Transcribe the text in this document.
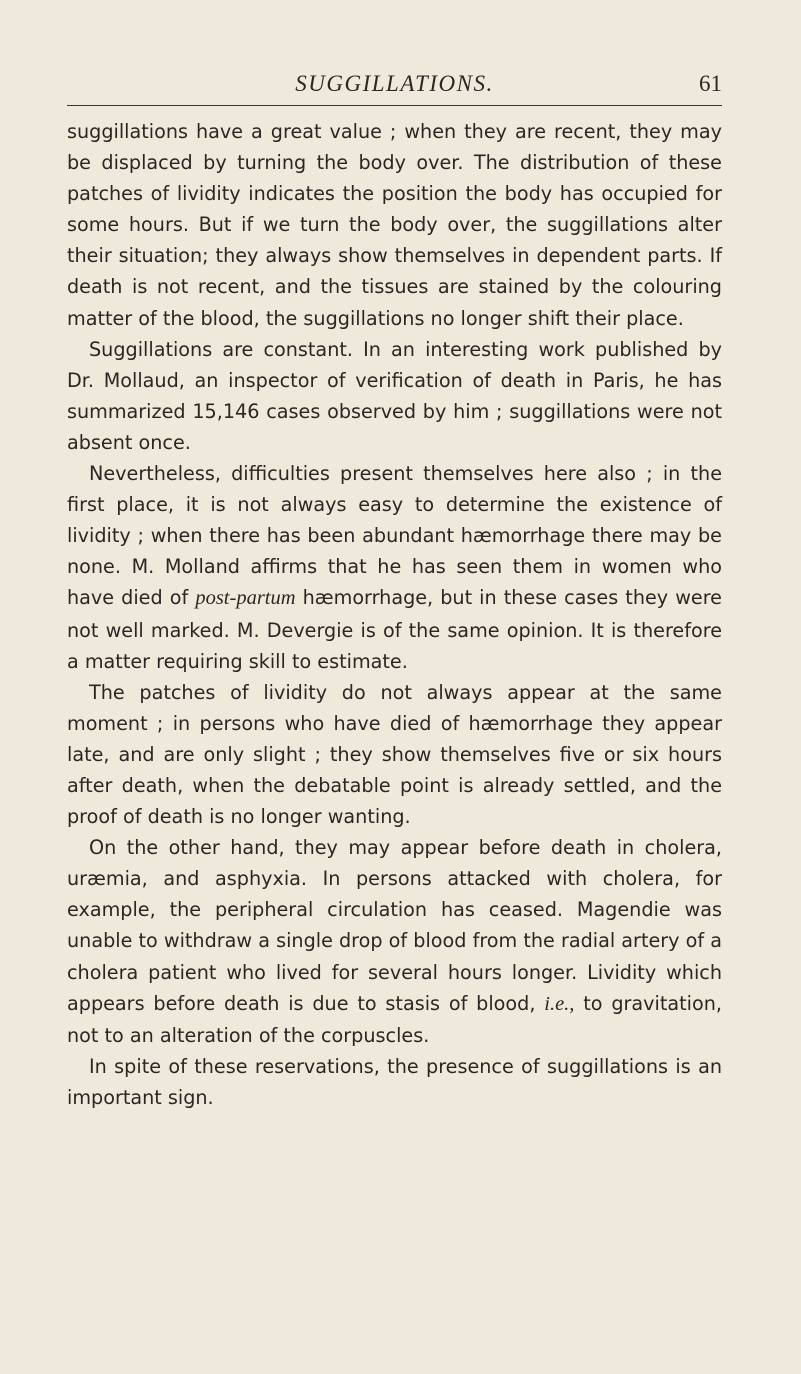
SUGGILLATIONS.	61

suggillations have a great value ; when they are recent, they may be displaced by turning the body over. The distribution of these patches of lividity indicates the position the body has occupied for some hours. But if we turn the body over, the suggillations alter their situation; they always show themselves in dependent parts. If death is not recent, and the tissues are stained by the colouring matter of the blood, the suggillations no longer shift their place.

Suggillations are constant. In an interesting work published by Dr. Mollaud, an inspector of verification of death in Paris, he has summarized 15,146 cases observed by him ; suggillations were not absent once.

Nevertheless, difficulties present themselves here also ; in the first place, it is not always easy to determine the existence of lividity ; when there has been abundant hæmorrhage there may be none. M. Molland affirms that he has seen them in women who have died of post-partum hæmorrhage, but in these cases they were not well marked. M. Devergie is of the same opinion. It is therefore a matter requiring skill to estimate.

The patches of lividity do not always appear at the same moment ; in persons who have died of hæmorrhage they appear late, and are only slight ; they show themselves five or six hours after death, when the debatable point is already settled, and the proof of death is no longer wanting.

On the other hand, they may appear before death in cholera, uræmia, and asphyxia. In persons attacked with cholera, for example, the peripheral circulation has ceased. Magendie was unable to withdraw a single drop of blood from the radial artery of a cholera patient who lived for several hours longer. Lividity which appears before death is due to stasis of blood, i.e., to gravitation, not to an alteration of the corpuscles.

In spite of these reservations, the presence of suggillations is an important sign.
